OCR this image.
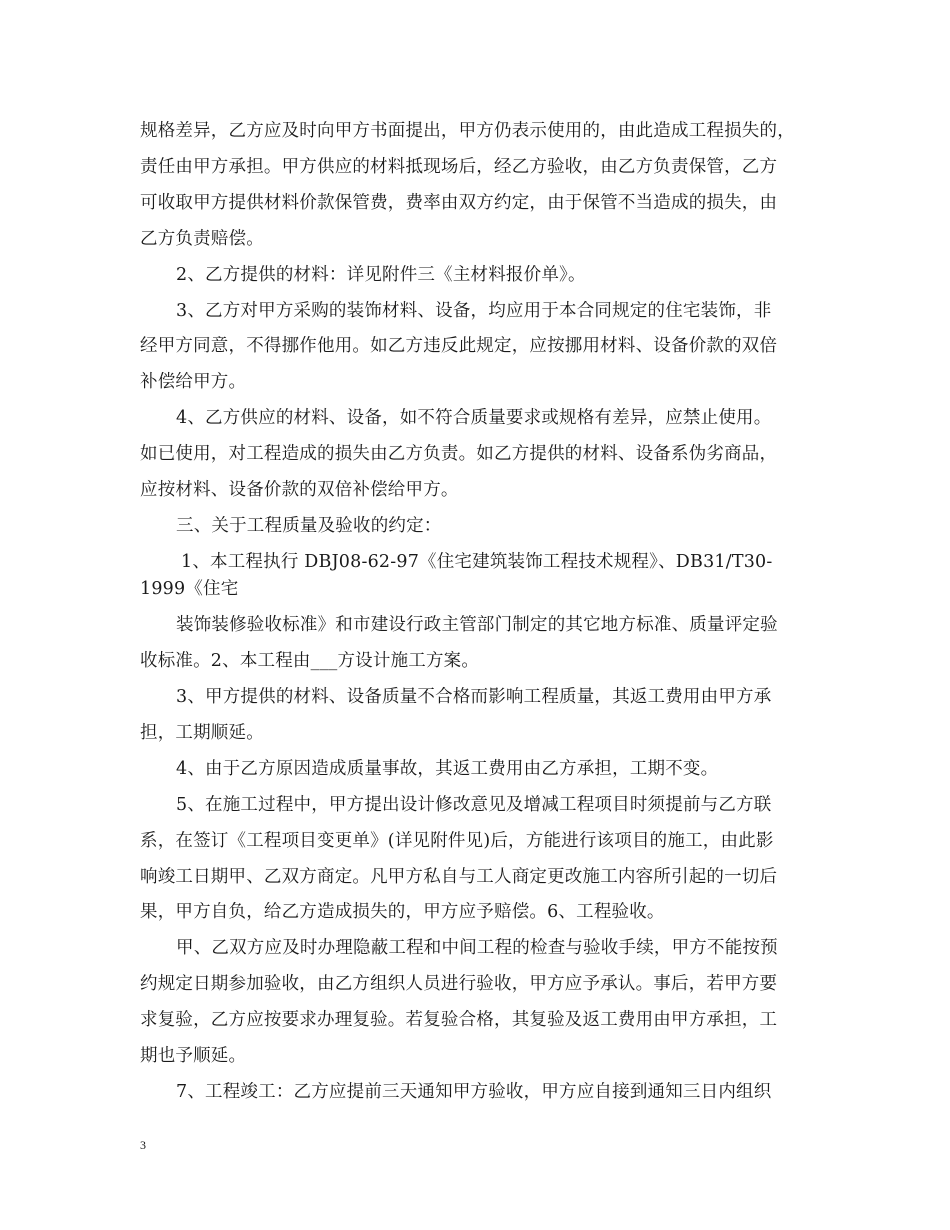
规格差异，乙方应及时向甲方书面提出，甲方仍表示使用的，由此造成工程损失的，
责任由甲方承担。甲方供应的材料抵现场后，经乙方验收，由乙方负责保管，乙方
可收取甲方提供材料价款保管费，费率由双方约定，由于保管不当造成的损失，由
乙方负责赔偿。
2、乙方提供的材料：详见附件三《主材料报价单》。
3、乙方对甲方采购的装饰材料、设备，均应用于本合同规定的住宅装饰，非
经甲方同意，不得挪作他用。如乙方违反此规定，应按挪用材料、设备价款的双倍
补偿给甲方。
4、乙方供应的材料、设备，如不符合质量要求或规格有差异，应禁止使用。
如已使用，对工程造成的损失由乙方负责。如乙方提供的材料、设备系伪劣商品，
应按材料、设备价款的双倍补偿给甲方。
三、关于工程质量及验收的约定：
1、本工程执行 DBJ08-62-97《住宅建筑装饰工程技术规程》、DB31/T30-
1999《住宅
装饰装修验收标准》和市建设行政主管部门制定的其它地方标准、质量评定验
收标准。2、本工程由___方设计施工方案。
3、甲方提供的材料、设备质量不合格而影响工程质量，其返工费用由甲方承
担，工期顺延。
4、由于乙方原因造成质量事故，其返工费用由乙方承担，工期不变。
5、在施工过程中，甲方提出设计修改意见及增减工程项目时须提前与乙方联
系，在签订《工程项目变更单》(详见附件见)后，方能进行该项目的施工，由此影
响竣工日期甲、乙双方商定。凡甲方私自与工人商定更改施工内容所引起的一切后
果，甲方自负，给乙方造成损失的，甲方应予赔偿。6、工程验收。
甲、乙双方应及时办理隐蔽工程和中间工程的检查与验收手续，甲方不能按预
约规定日期参加验收，由乙方组织人员进行验收，甲方应予承认。事后，若甲方要
求复验，乙方应按要求办理复验。若复验合格，其复验及返工费用由甲方承担，工
期也予顺延。
7、工程竣工：乙方应提前三天通知甲方验收，甲方应自接到通知三日内组织
3
